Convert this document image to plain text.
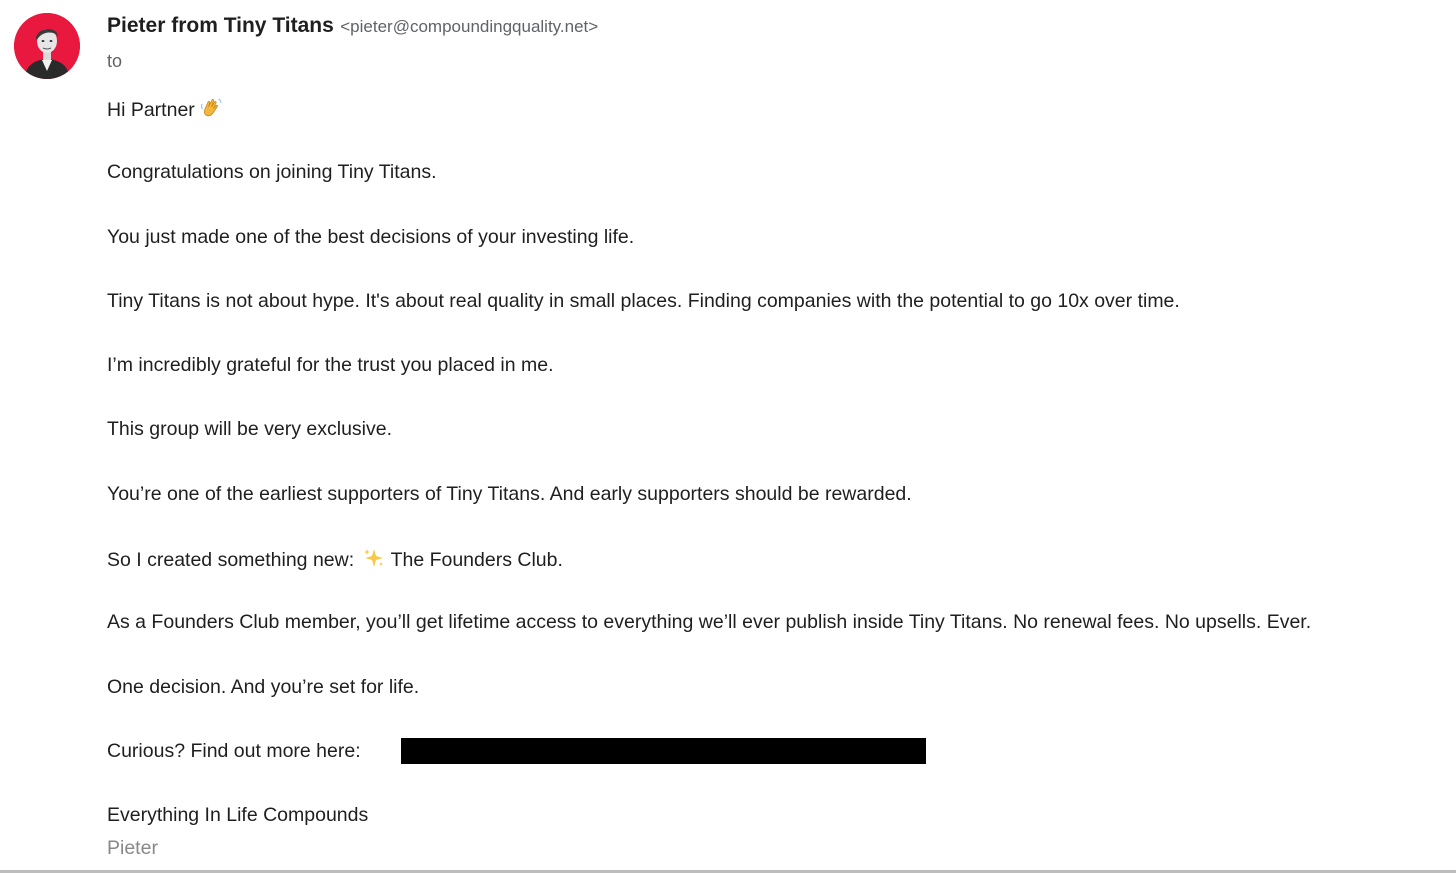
Pieter from Tiny Titans <pieter@compoundingquality.net>
to
Hi Partner
Congratulations on joining Tiny Titans.
You just made one of the best decisions of your investing life.
Tiny Titans is not about hype. It's about real quality in small places. Finding companies with the potential to go 10x over time.
I’m incredibly grateful for the trust you placed in me.
This group will be very exclusive.
You’re one of the earliest supporters of Tiny Titans. And early supporters should be rewarded.
So I created something new: The Founders Club.
As a Founders Club member, you’ll get lifetime access to everything we’ll ever publish inside Tiny Titans. No renewal fees. No upsells. Ever.
One decision. And you’re set for life.
Curious? Find out more here:
Everything In Life Compounds
Pieter
